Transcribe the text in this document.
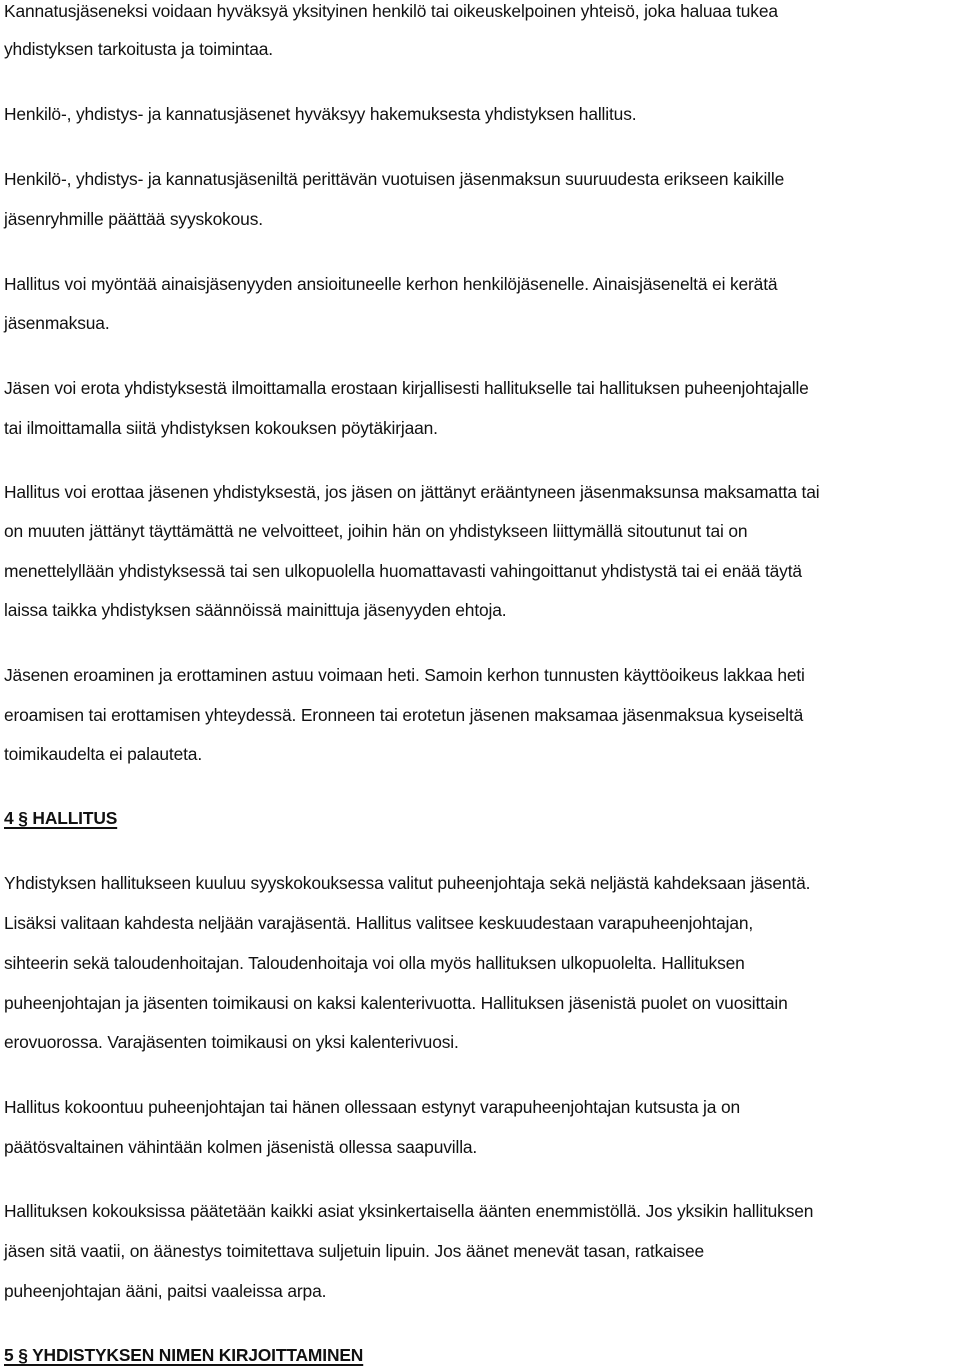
Kannatusjäseneksi voidaan hyväksyä yksityinen henkilö tai oikeuskelpoinen yhteisö, joka haluaa tukea
yhdistyksen tarkoitusta ja toimintaa.
Henkilö-, yhdistys- ja kannatusjäsenet hyväksyy hakemuksesta yhdistyksen hallitus.
Henkilö-, yhdistys- ja kannatusjäseniltä perittävän vuotuisen jäsenmaksun suuruudesta erikseen kaikille
jäsenryhmille päättää syyskokous.
Hallitus voi myöntää ainaisjäsenyyden ansioituneelle kerhon henkilöjäsenelle. Ainaisjäseneltä ei kerätä
jäsenmaksua.
Jäsen voi erota yhdistyksestä ilmoittamalla erostaan kirjallisesti hallitukselle tai hallituksen puheenjohtajalle
tai ilmoittamalla siitä yhdistyksen kokouksen pöytäkirjaan.
Hallitus voi erottaa jäsenen yhdistyksestä, jos jäsen on jättänyt erääntyneen jäsenmaksunsa maksamatta tai
on muuten jättänyt täyttämättä ne velvoitteet, joihin hän on yhdistykseen liittymällä sitoutunut tai on
menettelyllään yhdistyksessä tai sen ulkopuolella huomattavasti vahingoittanut yhdistystä tai ei enää täytä
laissa taikka yhdistyksen säännöissä mainittuja jäsenyyden ehtoja.
Jäsenen eroaminen ja erottaminen astuu voimaan heti. Samoin kerhon tunnusten käyttöoikeus lakkaa heti
eroamisen tai erottamisen yhteydessä. Eronneen tai erotetun jäsenen maksamaa jäsenmaksua kyseiseltä
toimikaudelta ei palauteta.
4 § HALLITUS
Yhdistyksen hallitukseen kuuluu syyskokouksessa valitut puheenjohtaja sekä neljästä kahdeksaan jäsentä.
Lisäksi valitaan kahdesta neljään varajäsentä. Hallitus valitsee keskuudestaan varapuheenjohtajan,
sihteerin sekä taloudenhoitajan. Taloudenhoitaja voi olla myös hallituksen ulkopuolelta. Hallituksen
puheenjohtajan ja jäsenten toimikausi on kaksi kalenterivuotta. Hallituksen jäsenistä puolet on vuosittain
erovuorossa. Varajäsenten toimikausi on yksi kalenterivuosi.
Hallitus kokoontuu puheenjohtajan tai hänen ollessaan estynyt varapuheenjohtajan kutsusta ja on
päätösvaltainen vähintään kolmen jäsenistä ollessa saapuvilla.
Hallituksen kokouksissa päätetään kaikki asiat yksinkertaisella äänten enemmistöllä. Jos yksikin hallituksen
jäsen sitä vaatii, on äänestys toimitettava suljetuin lipuin. Jos äänet menevät tasan, ratkaisee
puheenjohtajan ääni, paitsi vaaleissa arpa.
5 § YHDISTYKSEN NIMEN KIRJOITTAMINEN
